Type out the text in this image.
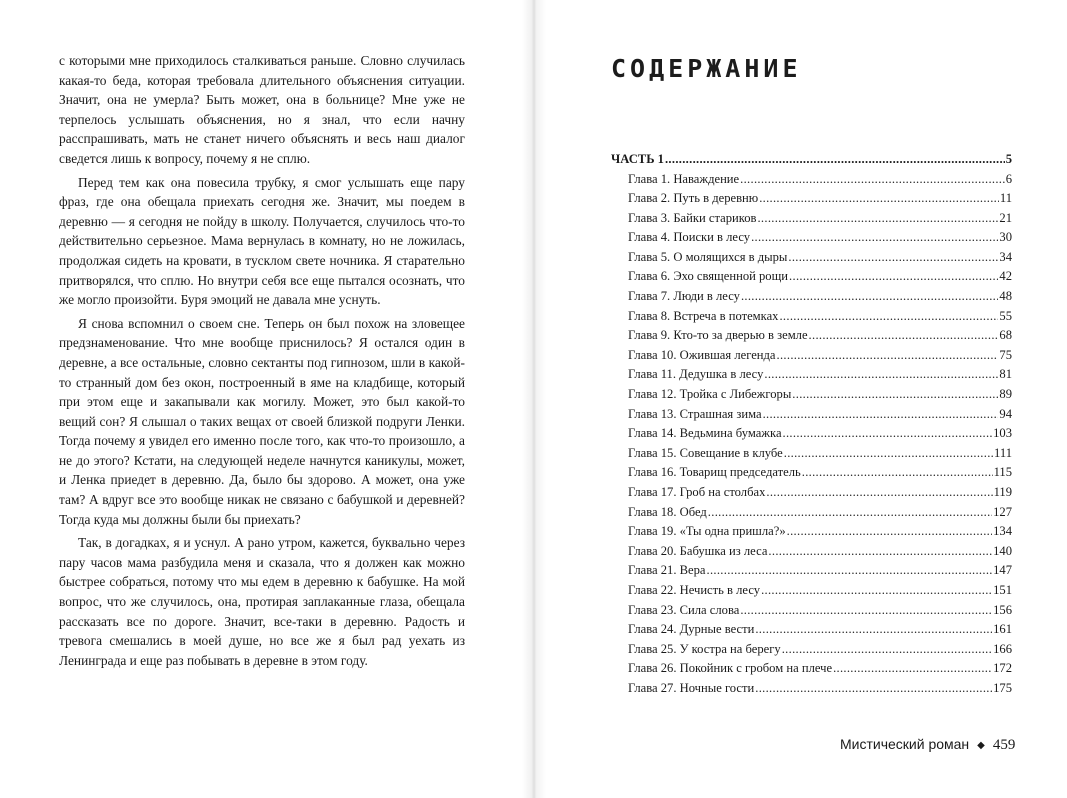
с которыми мне приходилось сталкиваться раньше. Словно случилась какая-то беда, которая требовала длительного объяснения ситуации. Значит, она не умерла? Быть может, она в больнице? Мне уже не терпелось услышать объяснения, но я знал, что если начну расспрашивать, мать не станет ничего объяснять и весь наш диалог сведется лишь к вопросу, почему я не сплю.

Перед тем как она повесила трубку, я смог услышать еще пару фраз, где она обещала приехать сегодня же. Значит, мы поедем в деревню — я сегодня не пойду в школу. Получается, случилось что-то действительно серьезное. Мама вернулась в комнату, но не ложилась, продолжая сидеть на кровати, в тусклом свете ночника. Я старательно притворялся, что сплю. Но внутри себя все еще пытался осознать, что же могло произойти. Буря эмоций не давала мне уснуть.

Я снова вспомнил о своем сне. Теперь он был похож на зловещее предзнаменование. Что мне вообще приснилось? Я остался один в деревне, а все остальные, словно сектанты под гипнозом, шли в какой-то странный дом без окон, построенный в яме на кладбище, который при этом еще и закапывали как могилу. Может, это был какой-то вещий сон? Я слышал о таких вещах от своей близкой подруги Ленки. Тогда почему я увидел его именно после того, как что-то произошло, а не до этого? Кстати, на следующей неделе начнутся каникулы, может, и Ленка приедет в деревню. Да, было бы здорово. А может, она уже там? А вдруг все это вообще никак не связано с бабушкой и деревней? Тогда куда мы должны были бы приехать?

Так, в догадках, я и уснул. А рано утром, кажется, буквально через пару часов мама разбудила меня и сказала, что я должен как можно быстрее собраться, потому что мы едем в деревню к бабушке. На мой вопрос, что же случилось, она, протирая заплаканные глаза, обещала рассказать все по дороге. Значит, все-таки в деревню. Радость и тревога смешались в моей душе, но все же я был рад уехать из Ленинграда и еще раз побывать в деревне в этом году.

СОДЕРЖАНИЕ
ЧАСТЬ 1 .....	5
Глава 1. Наваждение .....	6
Глава 2. Путь в деревню .....	11
Глава 3. Байки стариков .....	21
Глава 4. Поиски в лесу .....	30
Глава 5. О молящихся в дыры .....	34
Глава 6. Эхо священной рощи .....	42
Глава 7. Люди в лесу .....	48
Глава 8. Встреча в потемках .....	55
Глава 9. Кто-то за дверью в земле .....	68
Глава 10. Ожившая легенда .....	75
Глава 11. Дедушка в лесу .....	81
Глава 12. Тройка с Либежгоры .....	89
Глава 13. Страшная зима .....	94
Глава 14. Ведьмина бумажка .....	103
Глава 15. Совещание в клубе .....	111
Глава 16. Товарищ председатель .....	115
Глава 17. Гроб на столбах .....	119
Глава 18. Обед .....	127
Глава 19. «Ты одна пришла?» .....	134
Глава 20. Бабушка из леса .....	140
Глава 21. Вера .....	147
Глава 22. Нечисть в лесу .....	151
Глава 23. Сила слова .....	156
Глава 24. Дурные вести .....	161
Глава 25. У костра на берегу .....	166
Глава 26. Покойник с гробом на плече .....	172
Глава 27. Ночные гости .....	175
Мистический роман ◆ 459
